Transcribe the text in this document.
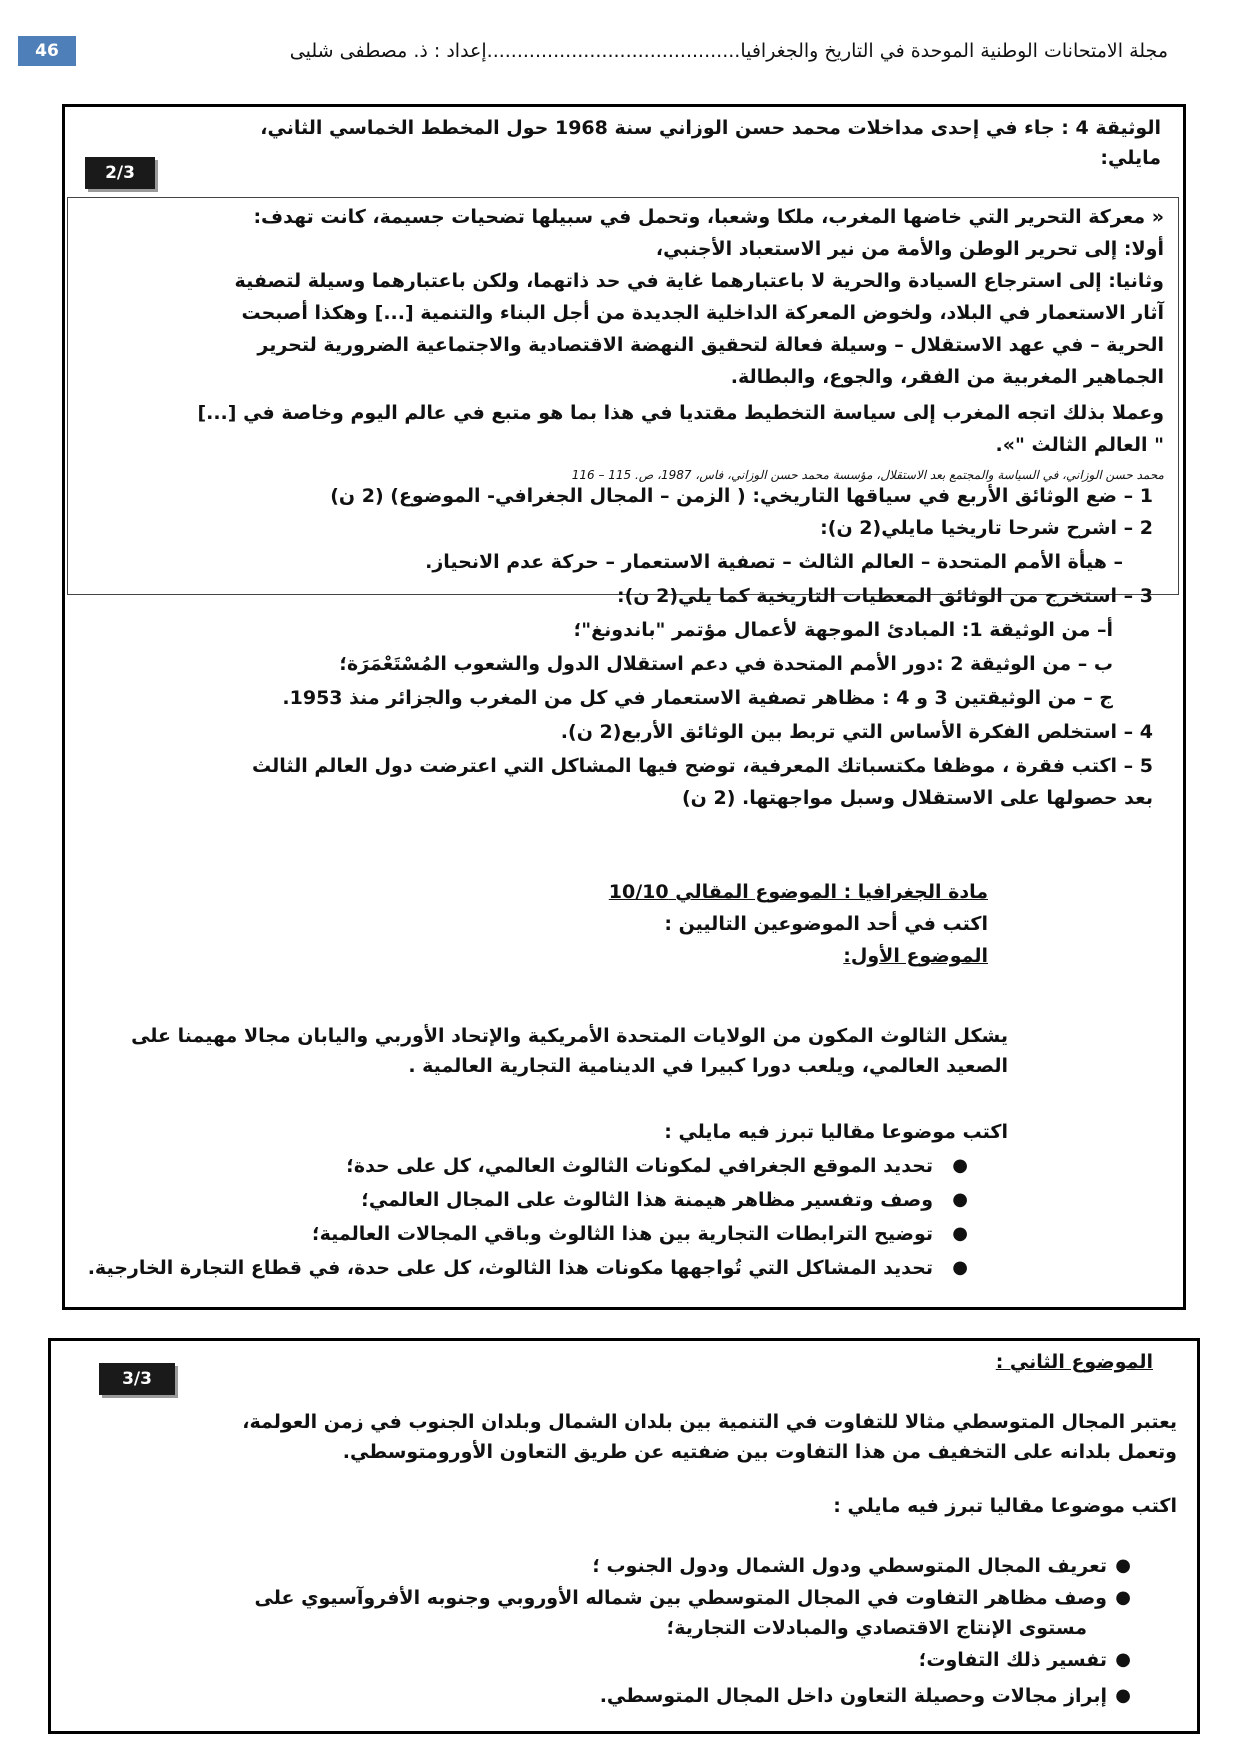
46	مجلة الامتحانات الوطنية الموحدة في التاريخ والجغرافيا..........................................إعداد : ذ. مصطفى شليى
الوثيقة 4 : جاء في إحدى مداخلات محمد حسن الوزاني سنة 1968 حول المخطط الخماسي الثاني،
مايلي:
2/3
« معركة التحرير التي خاضها المغرب، ملكا وشعبا، وتحمل في سبيلها تضحيات جسيمة، كانت تهدف:
أولا: إلى تحرير الوطن والأمة من نير الاستعباد الأجنبي،
وثانيا: إلى استرجاع السيادة والحرية لا باعتبارهما غاية في حد ذاتهما، ولكن باعتبارهما وسيلة لتصفية
آثار الاستعمار في البلاد، ولخوض المعركة الداخلية الجديدة من أجل البناء والتنمية [...] وهكذا أصبحت
الحرية – في عهد الاستقلال – وسيلة فعالة لتحقيق النهضة الاقتصادية والاجتماعية الضرورية لتحرير
الجماهير المغربية من الفقر، والجوع، والبطالة.
وعملا بذلك اتجه المغرب إلى سياسة التخطيط مقتديا في هذا بما هو متبع في عالم اليوم وخاصة في [...]
" العالم الثالث "».
محمد حسن الوزاني، في السياسة والمجتمع بعد الاستقلال، مؤسسة محمد حسن الوزاني، فاس، 1987، ص. 115 – 116
1 – ضع الوثائق الأربع في سياقها التاريخي: ( الزمن – المجال الجغرافي- الموضوع) (2 ن)
2 – اشرح شرحا تاريخيا مايلي(2 ن):
– هيأة الأمم المتحدة – العالم الثالث – تصفية الاستعمار – حركة عدم الانحياز.
3 – استخرج من الوثائق المعطيات التاريخية كما يلي(2 ن):
أ– من الوثيقة 1: المبادئ الموجهة لأعمال مؤتمر "باندونغ"؛
ب – من الوثيقة 2 :دور الأمم المتحدة في دعم استقلال الدول والشعوب المُسْتَعْمَرَة؛
ج – من الوثيقتين 3 و 4 : مظاهر تصفية الاستعمار في كل من المغرب والجزائر منذ 1953.
4 – استخلص الفكرة الأساس التي تربط بين الوثائق الأربع(2 ن).
5 – اكتب فقرة ، موظفا مكتسباتك المعرفية، توضح فيها المشاكل التي اعترضت دول العالم الثالث
بعد حصولها على الاستقلال وسبل مواجهتها. (2 ن)
مادة الجغرافيا : الموضوع المقالي 10/10
اكتب في أحد الموضوعين التاليين :
الموضوع الأول:
يشكل الثالوث المكون من الولايات المتحدة الأمريكية والإتحاد الأوربي واليابان مجالا مهيمنا على
الصعيد العالمي، ويلعب دورا كبيرا في الدينامية التجارية العالمية .
اكتب موضوعا مقاليا تبرز فيه مايلي :
●
تحديد الموقع الجغرافي لمكونات الثالوث العالمي، كل على حدة؛
●
وصف وتفسير مظاهر هيمنة هذا الثالوث على المجال العالمي؛
●
توضيح الترابطات التجارية بين هذا الثالوث وباقي المجالات العالمية؛
●
تحديد المشاكل التي تُواجهها مكونات هذا الثالوث، كل على حدة، في قطاع التجارة الخارجية.
الموضوع الثاني :
3/3
يعتبر المجال المتوسطي مثالا للتفاوت في التنمية بين بلدان الشمال وبلدان الجنوب في زمن العولمة،
وتعمل بلدانه على التخفيف من هذا التفاوت بين ضفتيه عن طريق التعاون الأورومتوسطي.
اكتب موضوعا مقاليا تبرز فيه مايلي :
●
تعريف المجال المتوسطي ودول الشمال ودول الجنوب ؛
●
وصف مظاهر التفاوت في المجال المتوسطي بين شماله الأوروبي وجنوبه الأفروآسيوي على
مستوى الإنتاج الاقتصادي والمبادلات التجارية؛
●
تفسير ذلك التفاوت؛
●
إبراز مجالات وحصيلة التعاون داخل المجال المتوسطي.
